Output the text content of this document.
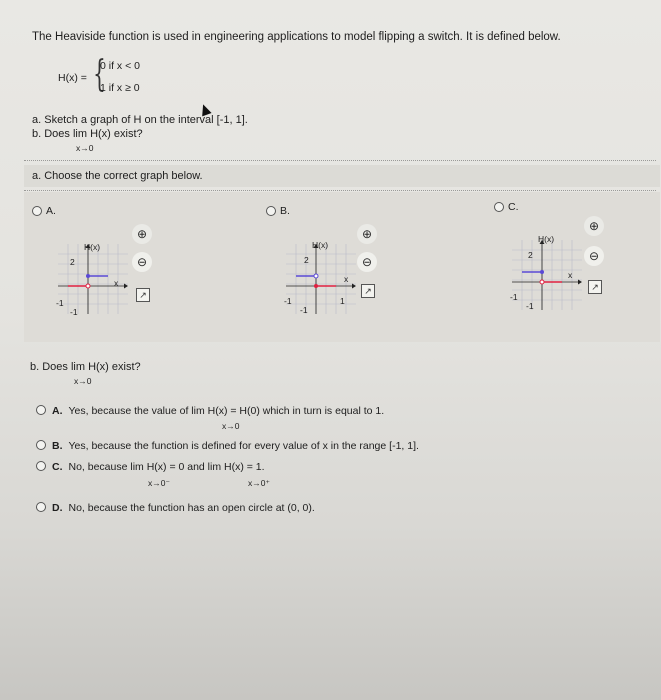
The Heaviside function is used in engineering applications to model flipping a switch. It is defined below.
H(x) = {
0 if x < 0
1 if x ≥ 0
a. Sketch a graph of H on the interval [-1, 1].
b. Does lim H(x) exist?
x→0
a. Choose the correct graph below.
A.
⊕
⊖
↗
H(x)
2
x
-1
-1
B.
⊕
⊖
↗
H(x)
2
x
-1
-1
1
C.
⊕
⊖
↗
H(x)
2
x
-1
-1
b. Does lim H(x) exist?
x→0
A. Yes, because the value of lim H(x) = H(0) which in turn is equal to 1.
x→0
B. Yes, because the function is defined for every value of x in the range [-1, 1].
C. No, because lim H(x) = 0 and lim H(x) = 1.
x→0⁻	x→0⁺
D. No, because the function has an open circle at (0, 0).
